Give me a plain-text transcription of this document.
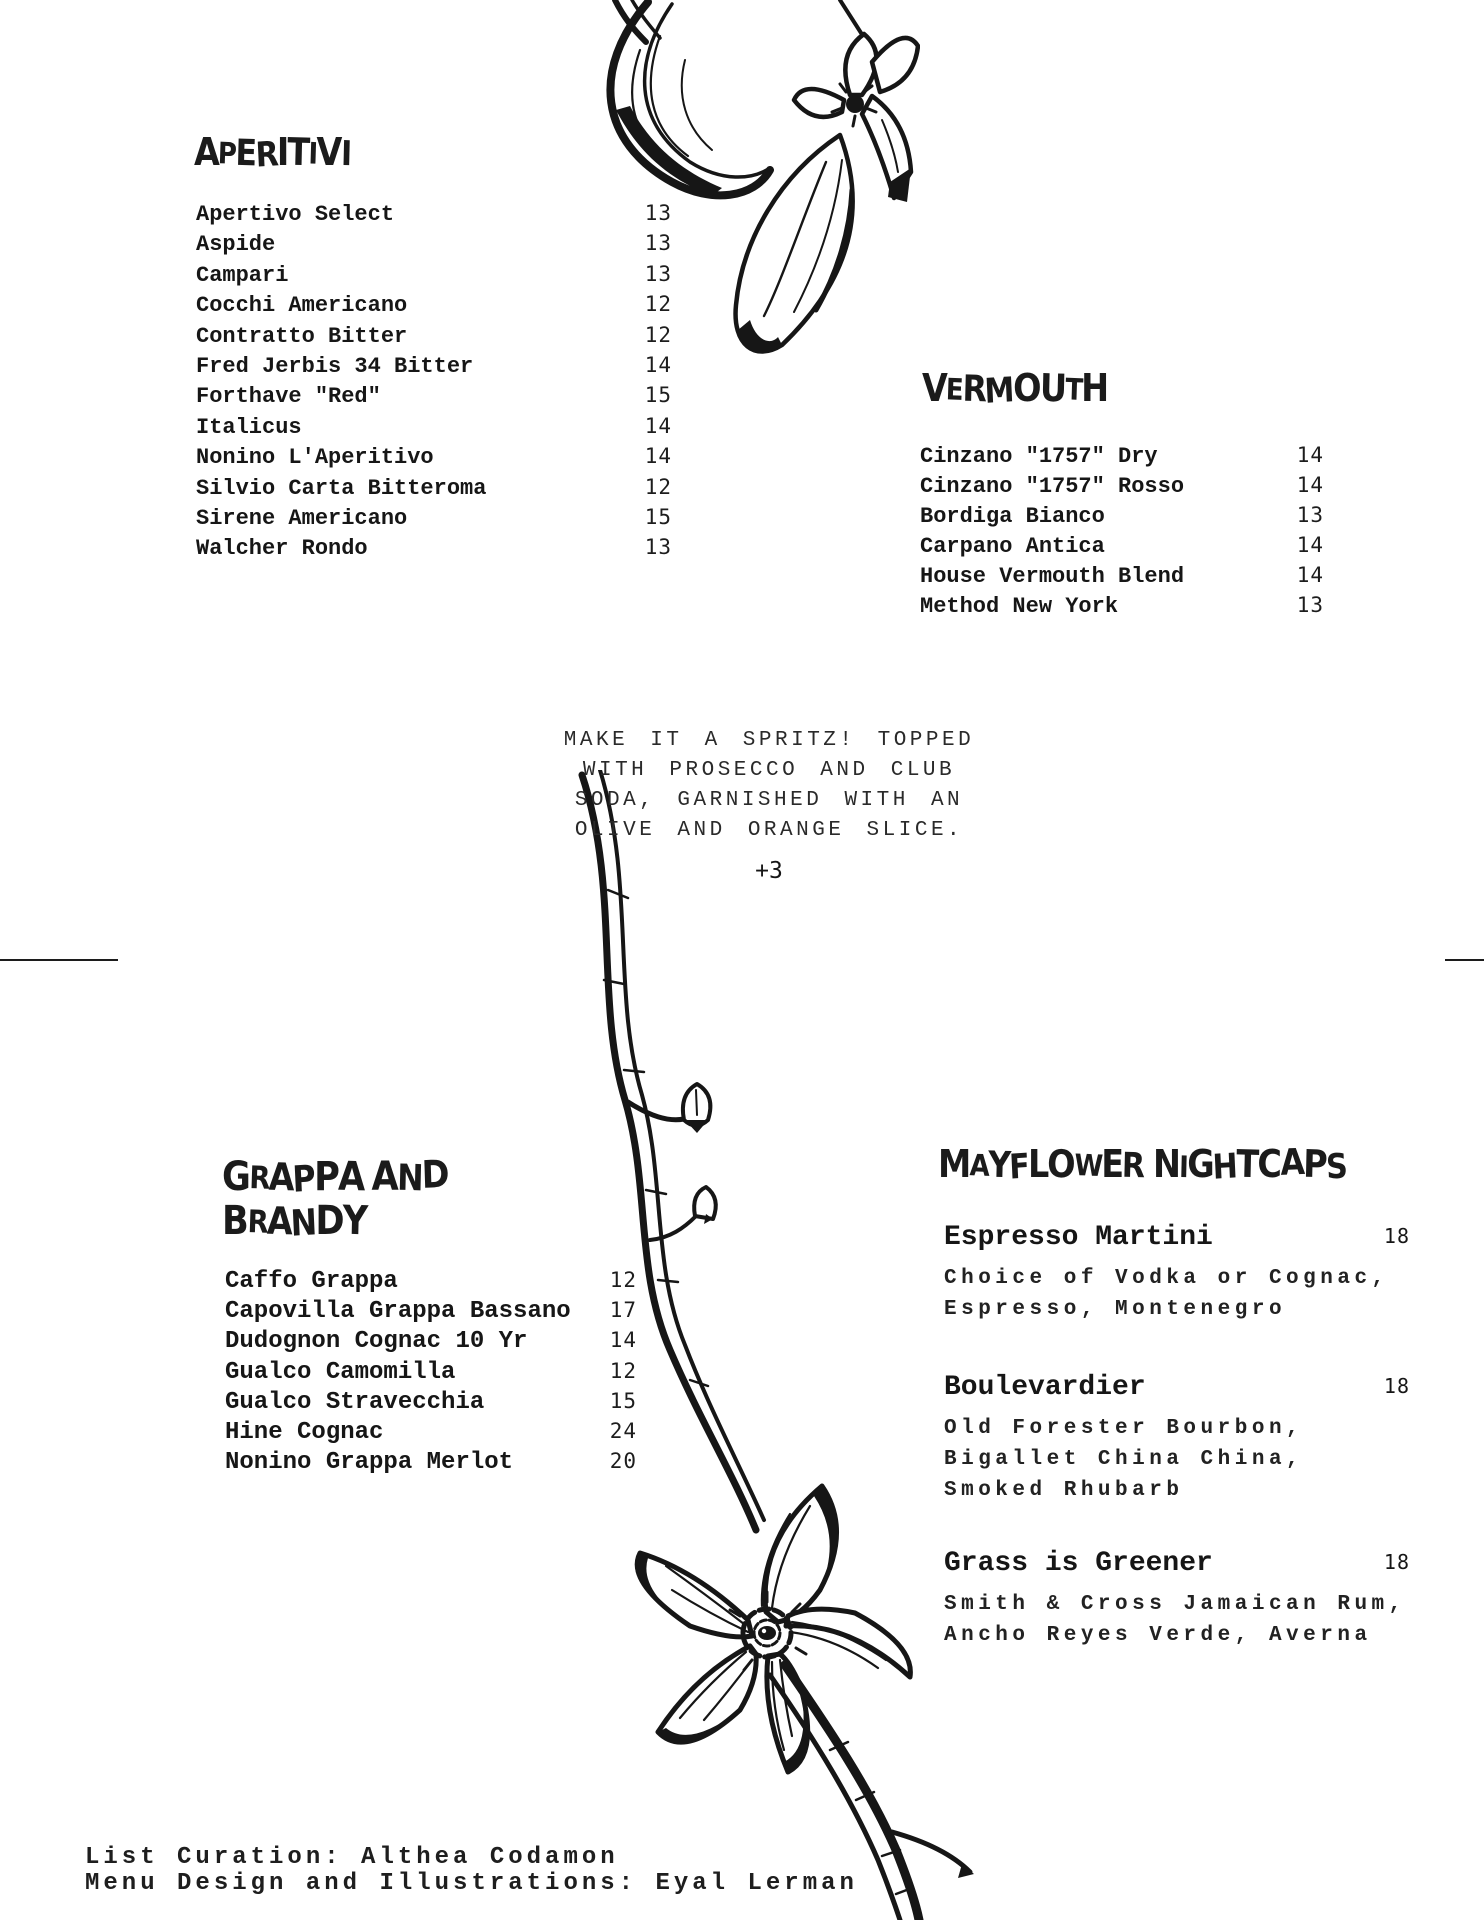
APERITIVI
Apertivo Select	13
Aspide	13
Campari	13
Cocchi Americano	12
Contratto Bitter	12
Fred Jerbis 34 Bitter	14
Forthave "Red"	15
Italicus	14
Nonino L'Aperitivo	14
Silvio Carta Bitteroma	12
Sirene Americano	15
Walcher Rondo	13
VERMOUTH
Cinzano "1757" Dry	14
Cinzano "1757" Rosso	14
Bordiga Bianco	13
Carpano Antica	14
House Vermouth Blend	14
Method New York	13
MAKE IT A SPRITZ! TOPPED
WITH PROSECCO AND CLUB
SODA, GARNISHED WITH AN
OLIVE AND ORANGE SLICE.
+3
GRAPPA AND
BRANDY
Caffo Grappa	12
Capovilla Grappa Bassano 17
Dudognon Cognac 10 Yr	14
Gualco Camomilla	12
Gualco Stravecchia	15
Hine Cognac	24
Nonino Grappa Merlot	20
MAYFLOWER NIGHTCAPS
Espresso Martini	18
Choice of Vodka or Cognac,
Espresso, Montenegro
Boulevardier	18
Old Forester Bourbon,
Bigallet China China,
Smoked Rhubarb
Grass is Greener	18
Smith & Cross Jamaican Rum,
Ancho Reyes Verde, Averna
List Curation: Althea Codamon
Menu Design and Illustrations: Eyal Lerman
